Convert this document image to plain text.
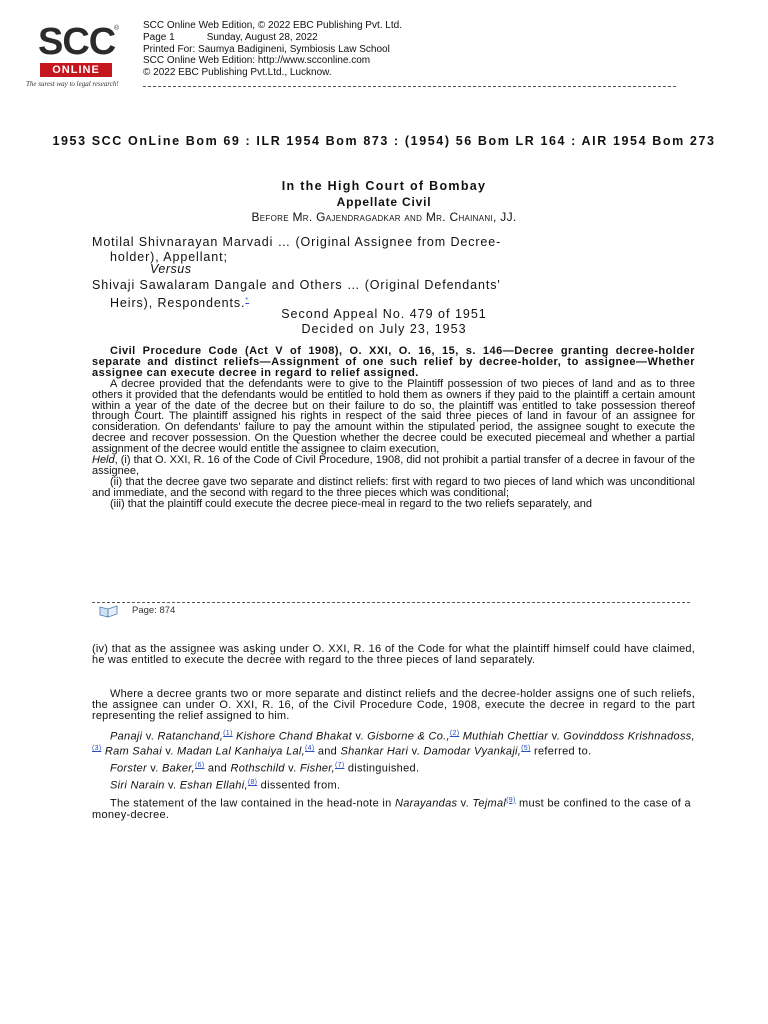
SCC
®
ONLINE
The surest way to legal research!
SCC Online Web Edition, © 2022 EBC Publishing Pvt. Ltd.
Page 1	Sunday, August 28, 2022
Printed For: Saumya Badigineni, Symbiosis Law School
SCC Online Web Edition: http://www.scconline.com
© 2022 EBC Publishing Pvt.Ltd., Lucknow.
1953 SCC OnLine Bom 69 : ILR 1954 Bom 873 : (1954) 56 Bom LR 164 : AIR 1954 Bom 273
In the High Court of Bombay
Appellate Civil
Before Mr. Gajendragadkar and Mr. Chainani, JJ.
Motilal Shivnarayan Marvadi … (Original Assignee from Decree-
holder), Appellant;
Versus
Shivaji Sawalaram Dangale and Others … (Original Defendants'
Heirs), Respondents.*
Second Appeal No. 479 of 1951
Decided on July 23, 1953
Civil Procedure Code (Act V of 1908), O. XXI, O. 16, 15, s. 146—Decree granting decree-holder separate and distinct reliefs—Assignment of one such relief by decree-holder, to assignee—Whether assignee can execute decree in regard to relief assigned.
A decree provided that the defendants were to give to the Plaintiff possession of two pieces of land and as to three others it provided that the defendants would be entitled to hold them as owners if they paid to the plaintiff a certain amount within a year of the date of the decree but on their failure to do so, the plaintiff was entitled to take possession thereof through Court. The plaintiff assigned his rights in respect of the said three pieces of land in favour of an assignee for consideration. On defendants' failure to pay the amount within the stipulated period, the assignee sought to execute the decree and recover possession. On the Question whether the decree could be executed piecemeal and whether a partial assignment of the decree would entitle the assignee to claim execution,
Held, (i) that O. XXI, R. 16 of the Code of Civil Procedure, 1908, did not prohibit a partial transfer of a decree in favour of the assignee,
(ii) that the decree gave two separate and distinct reliefs: first with regard to two pieces of land which was unconditional and immediate, and the second with regard to the three pieces which was conditional;
(iii) that the plaintiff could execute the decree piece-meal in regard to the two reliefs separately, and
Page: 874
(iv) that as the assignee was asking under O. XXI, R. 16 of the Code for what the plaintiff himself could have claimed, he was entitled to execute the decree with regard to the three pieces of land separately.
Where a decree grants two or more separate and distinct reliefs and the decree-holder assigns one of such reliefs, the assignee can under O. XXI, R. 16, of the Civil Procedure Code, 1908, execute the decree in regard to the part representing the relief assigned to him.
Panaji v. Ratanchand,$^{(1)}$ Kishore Chand Bhakat v. Gisborne & Co.,$^{(2)}$ Muthiah Chettiar v. Govinddoss Krishnadoss,$^{(3)}$ Ram Sahai v. Madan Lal Kanhaiya Lal,$^{(4)}$ and Shankar Hari v. Damodar Vyankaji,$^{(5)}$ referred to.
Forster v. Baker,$^{(6)}$ and Rothschild v. Fisher,$^{(7)}$ distinguished.
Siri Narain v. Eshan Ellahi,$^{(8)}$ dissented from.
The statement of the law contained in the head-note in Narayandas v. Tejmal$^{(9)}$ must be confined to the case of a money-decree.
